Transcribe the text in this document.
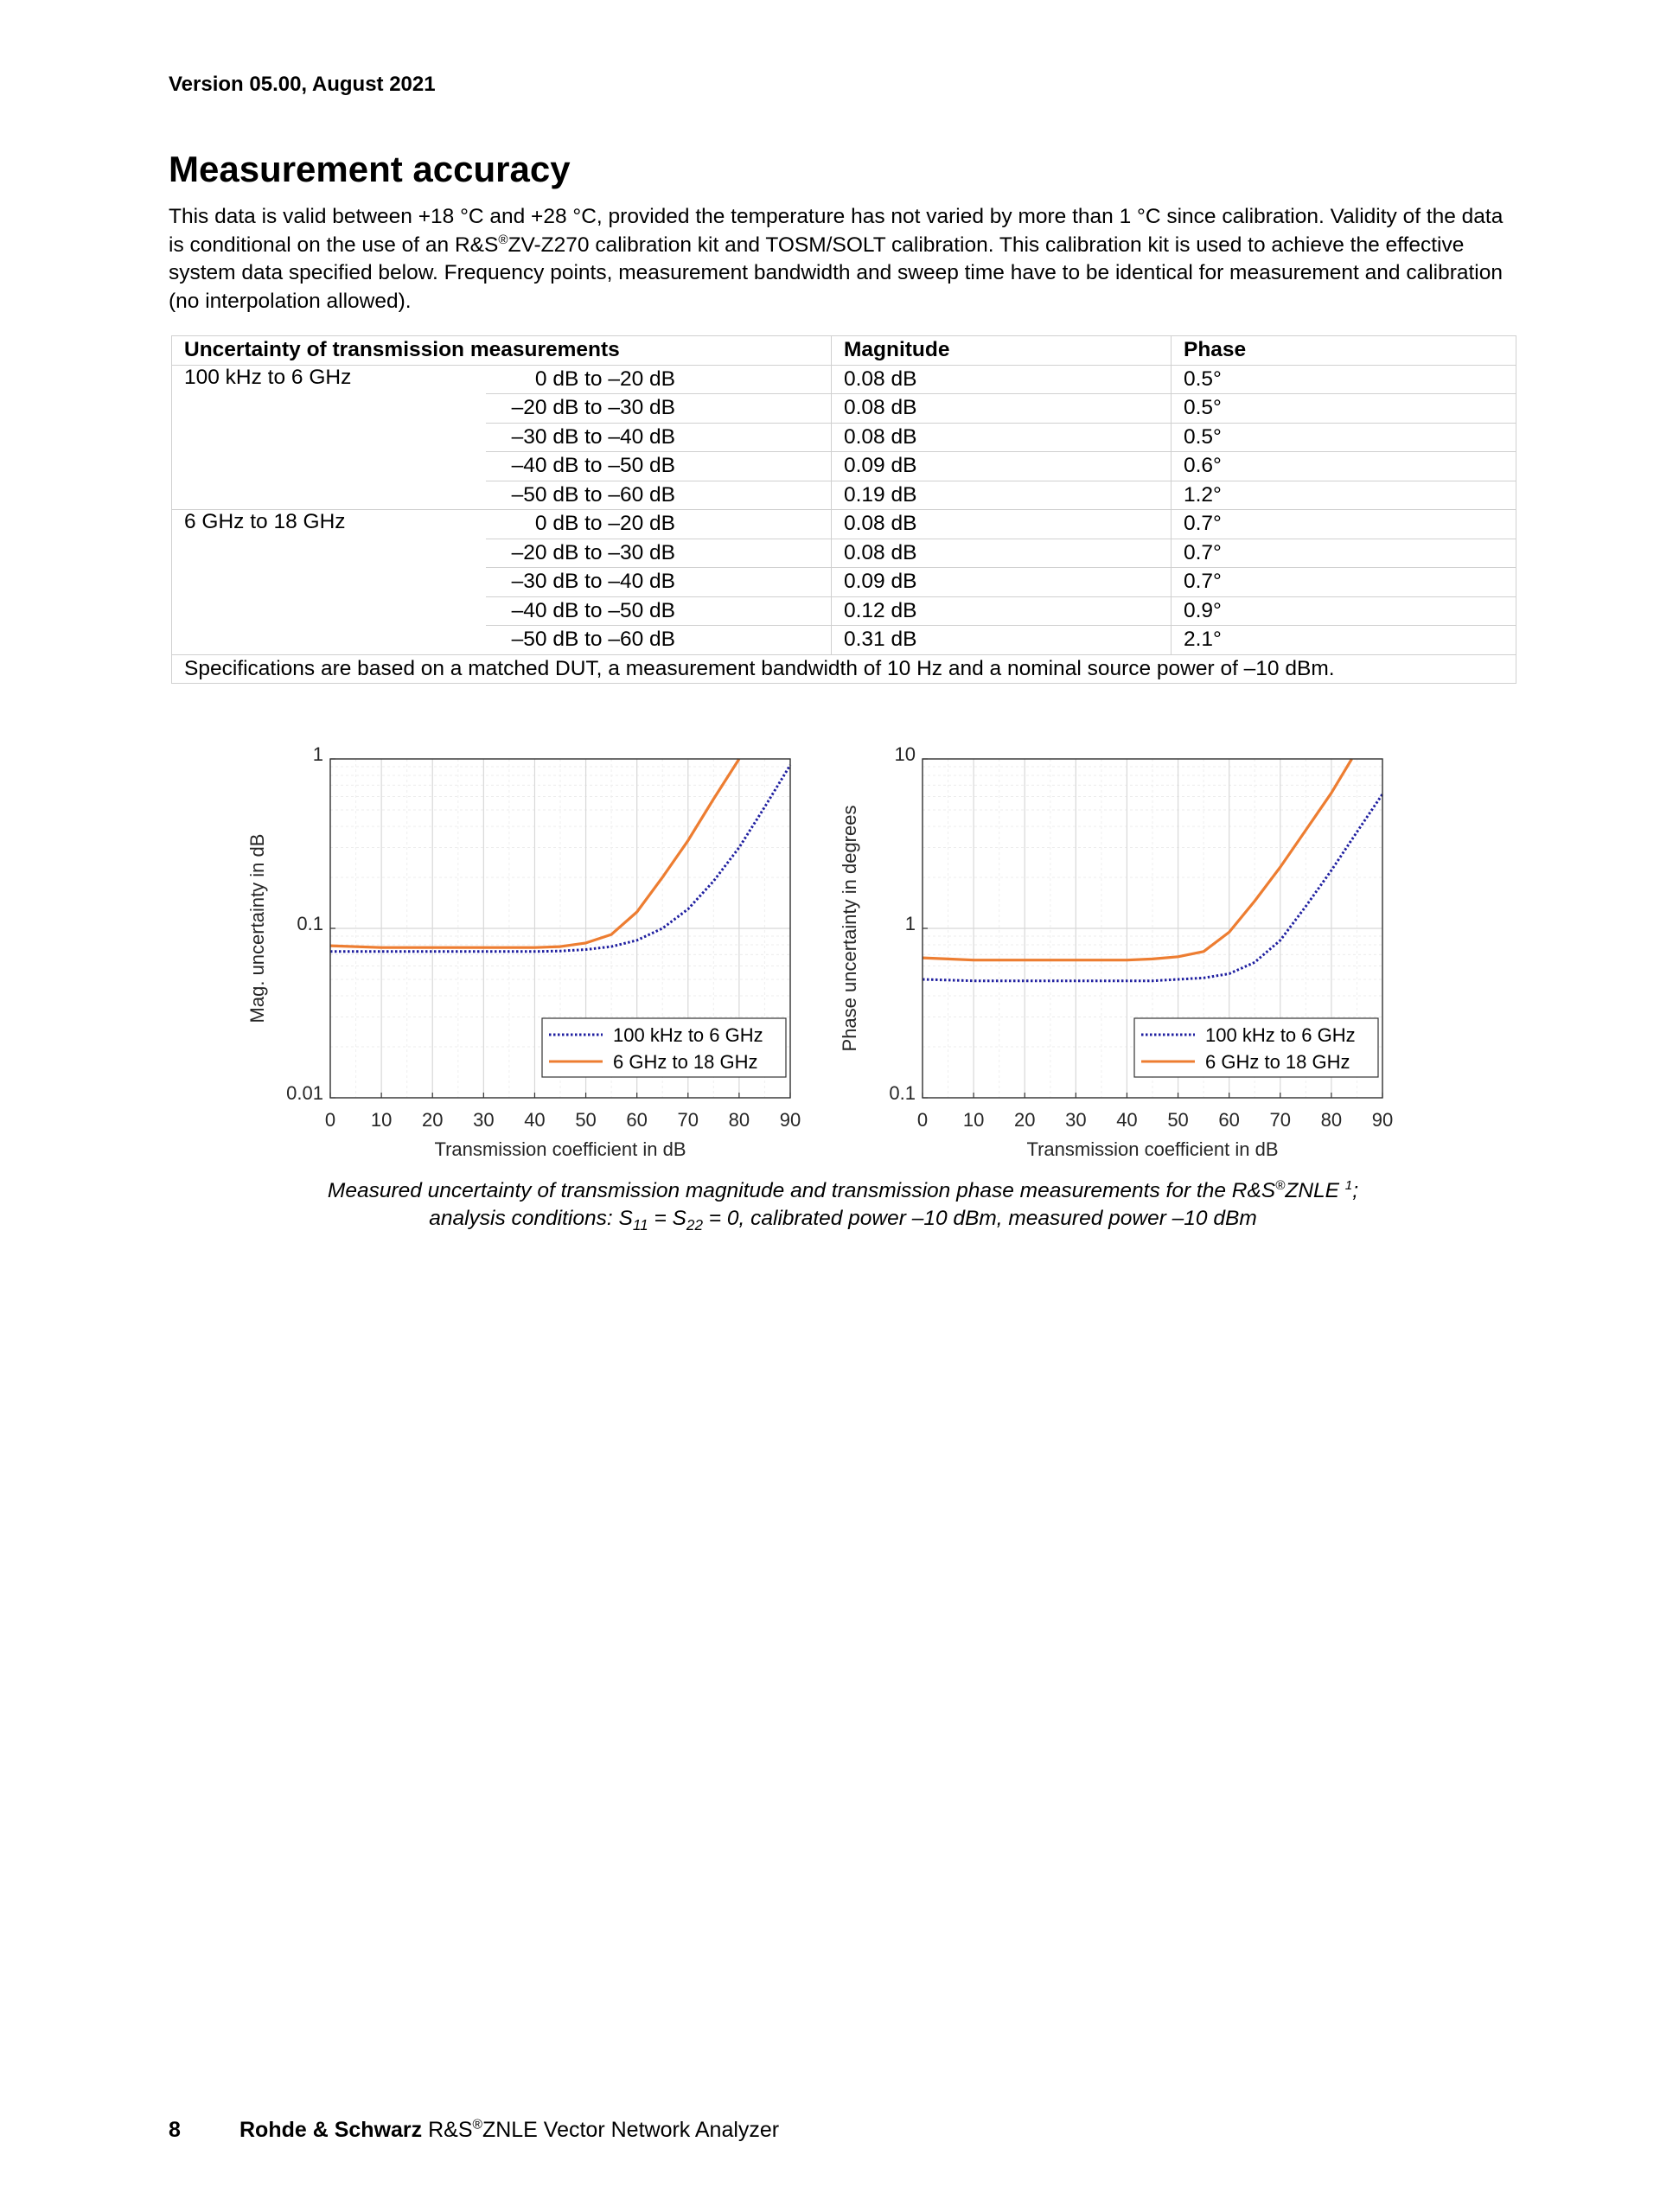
Version 05.00, August 2021
Measurement accuracy

This data is valid between +18 °C and +28 °C, provided the temperature has not varied by more than 1 °C since calibration. Validity of the data is conditional on the use of an R&S®ZV-Z270 calibration kit and TOSM/SOLT calibration. This calibration kit is used to achieve the effective system data specified below. Frequency points, measurement bandwidth and sweep time have to be identical for measurement and calibration (no interpolation allowed).

Uncertainty of transmission measurements		Magnitude	Phase
100 kHz to 6 GHz	0 dB to –20 dB	0.08 dB	0.5°
	–20 dB to –30 dB	0.08 dB	0.5°
	–30 dB to –40 dB	0.08 dB	0.5°
	–40 dB to –50 dB	0.09 dB	0.6°
	–50 dB to –60 dB	0.19 dB	1.2°
6 GHz to 18 GHz	0 dB to –20 dB	0.08 dB	0.7°
	–20 dB to –30 dB	0.08 dB	0.7°
	–30 dB to –40 dB	0.09 dB	0.7°
	–40 dB to –50 dB	0.12 dB	0.9°
	–50 dB to –60 dB	0.31 dB	2.1°
Specifications are based on a matched DUT, a measurement bandwidth of 10 Hz and a nominal source power of –10 dBm.			
0 10 20 30 40 50 60 70 80 90
0.01
0.1
1
Transmission coefficient in dB
Mag. uncertainty in dB
100 kHz to 6 GHz
6 GHz to 18 GHz
0 10 20 30 40 50 60 70 80 90
0.1
1
10
Transmission coefficient in dB
Phase uncertainty in degrees	100 kHz to 6 GHz
6 GHz to 18 GHz
Measured uncertainty of transmission magnitude and transmission phase measurements for the R&S®ZNLE $^1$;
analysis conditions: $S_{11} = S_{22} = 0$, calibrated power –10 dBm, measured power –10 dBm
8	Rohde & Schwarz R&S®ZNLE Vector Network Analyzer
